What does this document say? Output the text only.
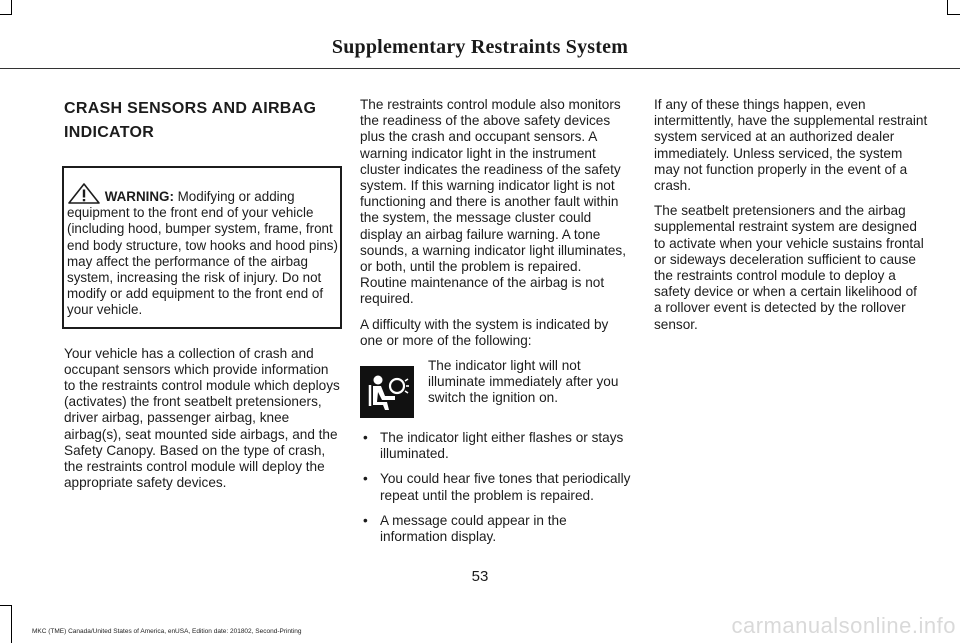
Supplementary Restraints System
CRASH SENSORS AND AIRBAG
INDICATOR
WARNING: Modifying or adding equipment to the front end of your vehicle (including hood, bumper system, frame, front end body structure, tow hooks and hood pins) may affect the performance of the airbag system, increasing the risk of injury. Do not modify or add equipment to the front end of your vehicle.

Your vehicle has a collection of crash and occupant sensors which provide information to the restraints control module which deploys (activates) the front seatbelt pretensioners, driver airbag, passenger airbag, knee airbag(s), seat mounted side airbags, and the Safety Canopy. Based on the type of crash, the restraints control module will deploy the appropriate safety devices.

The restraints control module also monitors the readiness of the above safety devices plus the crash and occupant sensors. A warning indicator light in the instrument cluster indicates the readiness of the safety system. If this warning indicator light is not functioning and there is another fault within the system, the message cluster could display an airbag failure warning. A tone sounds, a warning indicator light illuminates, or both, until the problem is repaired. Routine maintenance of the airbag is not required.

A difficulty with the system is indicated by one or more of the following:

The indicator light will not illuminate immediately after you switch the ignition on.
• The indicator light either flashes or stays illuminated.
• You could hear five tones that periodically repeat until the problem is repaired.
• A message could appear in the information display.

If any of these things happen, even intermittently, have the supplemental restraint system serviced at an authorized dealer immediately. Unless serviced, the system may not function properly in the event of a crash.

The seatbelt pretensioners and the airbag supplemental restraint system are designed to activate when your vehicle sustains frontal or sideways deceleration sufficient to cause the restraints control module to deploy a safety device or when a certain likelihood of a rollover event is detected by the rollover sensor.

53
MKC (TME) Canada/United States of America, enUSA, Edition date: 201802, Second-Printing	carmanualsonline.info
